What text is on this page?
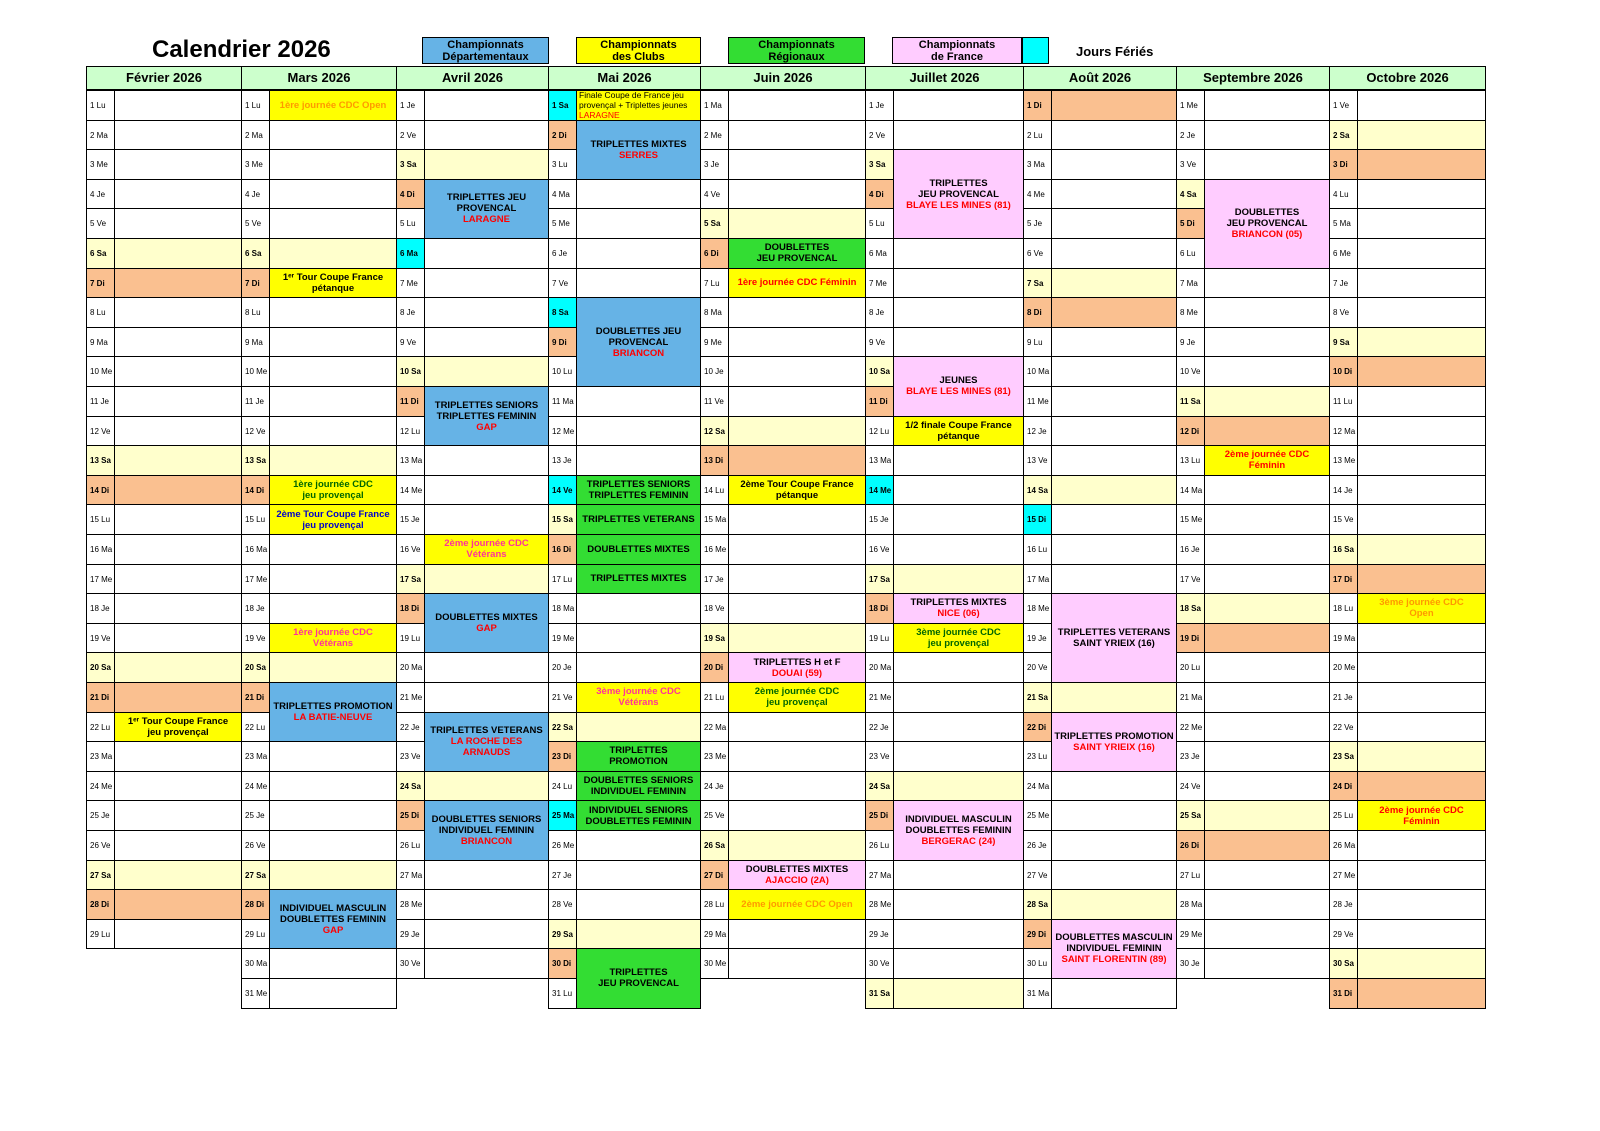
Calendrier 2026	Championnats
Départementaux
Championnats
des Clubs
Championnats
Régionaux
Championnats
de France	Jours Fériés
Février 2026
1 Lu
2 Ma
3 Me
4 Je
5 Ve
6 Sa
7 Di
8 Lu
9 Ma
10 Me
11 Je
12 Ve
13 Sa
14 Di
15 Lu
16 Ma
17 Me
18 Je
19 Ve
20 Sa
21 Di
22 Lu
23 Ma
24 Me
25 Je
26 Ve
27 Sa
28 Di
29 Lu
Mars 2026
1 Lu
2 Ma
3 Me
4 Je
5 Ve
6 Sa
7 Di
8 Lu
9 Ma
10 Me
11 Je
12 Ve
13 Sa
14 Di
15 Lu
16 Ma
17 Me
18 Je
19 Ve
20 Sa
21 Di
22 Lu
23 Ma
24 Me
25 Je
26 Ve
27 Sa
28 Di
29 Lu
30 Ma
31 Me
Avril 2026
1 Je
2 Ve
3 Sa
4 Di
5 Lu
6 Ma
7 Me
8 Je
9 Ve
10 Sa
11 Di
12 Lu
13 Ma
14 Me
15 Je
16 Ve
17 Sa
18 Di
19 Lu
20 Ma
21 Me
22 Je
23 Ve
24 Sa
25 Di
26 Lu
27 Ma
28 Me
29 Je
30 Ve
Mai 2026
1 Sa
2 Di
3 Lu
4 Ma
5 Me
6 Je
7 Ve
8 Sa
9 Di
10 Lu
11 Ma
12 Me
13 Je
14 Ve
15 Sa
16 Di
17 Lu
18 Ma
19 Me
20 Je
21 Ve
22 Sa
23 Di
24 Lu
25 Ma
26 Me
27 Je
28 Ve
29 Sa
30 Di
31 Lu
Juin 2026
1 Ma
2 Me
3 Je
4 Ve
5 Sa
6 Di
7 Lu
8 Ma
9 Me
10 Je
11 Ve
12 Sa
13 Di
14 Lu
15 Ma
16 Me
17 Je
18 Ve
19 Sa
20 Di
21 Lu
22 Ma
23 Me
24 Je
25 Ve
26 Sa
27 Di
28 Lu
29 Ma
30 Me
Juillet 2026
1 Je
2 Ve
3 Sa
4 Di
5 Lu
6 Ma
7 Me
8 Je
9 Ve
10 Sa
11 Di
12 Lu
13 Ma
14 Me
15 Je
16 Ve
17 Sa
18 Di
19 Lu
20 Ma
21 Me
22 Je
23 Ve
24 Sa
25 Di
26 Lu
27 Ma
28 Me
29 Je
30 Ve
31 Sa
Août 2026
1 Di
2 Lu
3 Ma
4 Me
5 Je
6 Ve
7 Sa
8 Di
9 Lu
10 Ma
11 Me
12 Je
13 Ve
14 Sa
15 Di
16 Lu
17 Ma
18 Me
19 Je
20 Ve
21 Sa
22 Di
23 Lu
24 Ma
25 Me
26 Je
27 Ve
28 Sa
29 Di
30 Lu
31 Ma
Septembre 2026
1 Me
2 Je
3 Ve
4 Sa
5 Di
6 Lu
7 Ma
8 Me
9 Je
10 Ve
11 Sa
12 Di
13 Lu
14 Ma
15 Me
16 Je
17 Ve
18 Sa
19 Di
20 Lu
21 Ma
22 Me
23 Je
24 Ve
25 Sa
26 Di
27 Lu
28 Ma
29 Me
30 Je
Octobre 2026
1 Ve
2 Sa
3 Di
4 Lu
5 Ma
6 Me
7 Je
8 Ve
9 Sa
10 Di
11 Lu
12 Ma
13 Me
14 Je
15 Ve
16 Sa
17 Di
18 Lu
19 Ma
20 Me
21 Je
22 Ve
23 Sa
24 Di
25 Lu
26 Ma
27 Me
28 Je
29 Ve
30 Sa
31 Di
1ᵉʳ Tour Coupe France
jeu provençal
1ère journée CDC Open
1ᵉʳ Tour Coupe France
pétanque
1ère journée CDC
jeu provençal
2ème Tour Coupe France
jeu provençal
1ère journée CDC
Vétérans
TRIPLETTES PROMOTION
LA BATIE-NEUVE
INDIVIDUEL MASCULIN
DOUBLETTES FEMININ
GAP
TRIPLETTES JEU
PROVENCAL
LARAGNE
TRIPLETTES SENIORS
TRIPLETTES FEMININ
GAP
2ème journée CDC
Vétérans
DOUBLETTES MIXTES
GAP
TRIPLETTES VETERANS
LA ROCHE DES
ARNAUDS
DOUBLETTES SENIORS
INDIVIDUEL FEMININ
BRIANCON
Finale Coupe de France jeu
provençal + Triplettes jeunes
LARAGNE
TRIPLETTES MIXTES
SERRES
DOUBLETTES JEU
PROVENCAL
BRIANCON
TRIPLETTES SENIORS
TRIPLETTES FEMININ
TRIPLETTES VETERANS
DOUBLETTES MIXTES
TRIPLETTES MIXTES
3ème journée CDC
Vétérans
TRIPLETTES PROMOTION
DOUBLETTES SENIORS
INDIVIDUEL FEMININ
INDIVIDUEL SENIORS
DOUBLETTES FEMININ
TRIPLETTES
JEU PROVENCAL
DOUBLETTES
JEU PROVENCAL
1ère journée CDC Féminin
2ème Tour Coupe France
pétanque
TRIPLETTES H et F
DOUAI (59)
2ème journée CDC
jeu provençal
DOUBLETTES MIXTES
AJACCIO (2A)
2ème journée CDC Open
TRIPLETTES
JEU PROVENCAL
BLAYE LES MINES (81)
JEUNES
BLAYE LES MINES (81)
1/2 finale Coupe France
pétanque
TRIPLETTES MIXTES
NICE (06)
3ème journée CDC
jeu provençal
INDIVIDUEL MASCULIN
DOUBLETTES FEMININ
BERGERAC (24)
TRIPLETTES VETERANS
SAINT YRIEIX (16)
TRIPLETTES PROMOTION
SAINT YRIEIX (16)
DOUBLETTES MASCULIN
INDIVIDUEL FEMININ
SAINT FLORENTIN (89)
DOUBLETTES
JEU PROVENCAL
BRIANCON (05)
2ème journée CDC
Féminin
3ème journée CDC
Open
2ème journée CDC Féminin
